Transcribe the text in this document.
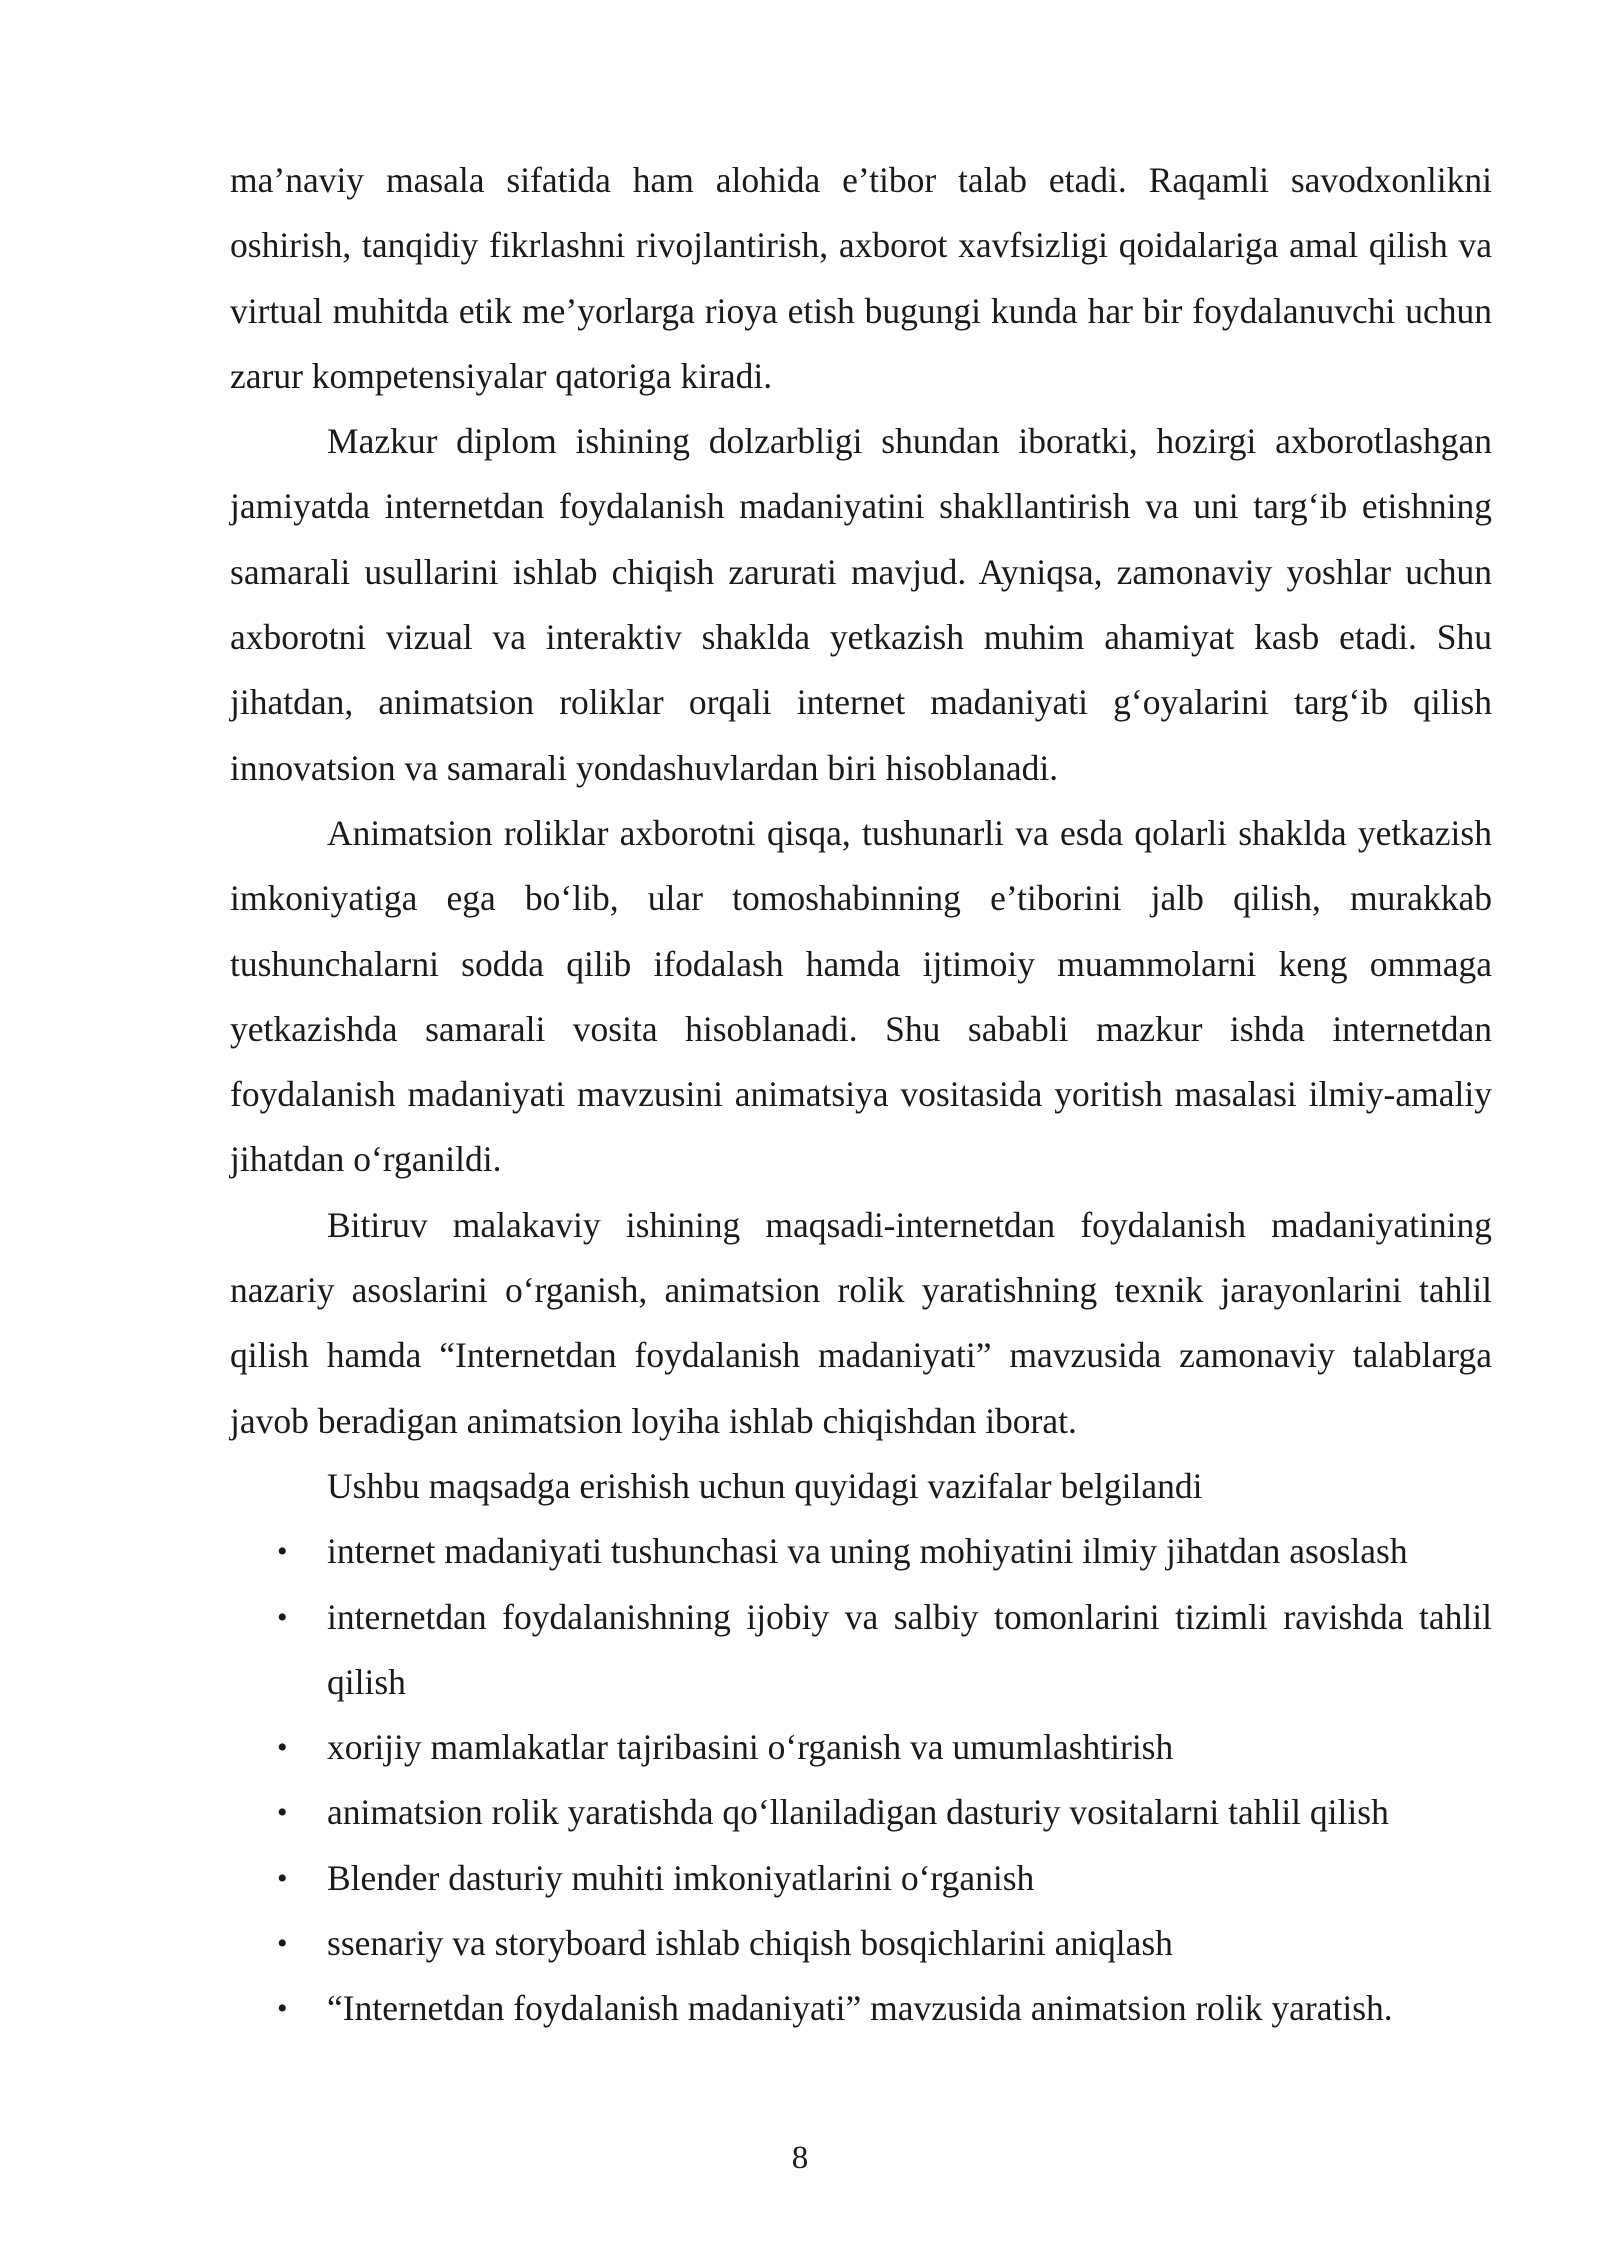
ma’naviy masala sifatida ham alohida e’tibor talab etadi. Raqamli savodxonlikni oshirish, tanqidiy fikrlashni rivojlantirish, axborot xavfsizligi qoidalariga amal qilish va virtual muhitda etik me’yorlarga rioya etish bugungi kunda har bir foydalanuvchi uchun zarur kompetensiyalar qatoriga kiradi.

Mazkur diplom ishining dolzarbligi shundan iboratki, hozirgi axborotlashgan jamiyatda internetdan foydalanish madaniyatini shakllantirish va uni targ‘ib etishning samarali usullarini ishlab chiqish zarurati mavjud. Ayniqsa, zamonaviy yoshlar uchun axborotni vizual va interaktiv shaklda yetkazish muhim ahamiyat kasb etadi. Shu jihatdan, animatsion roliklar orqali internet madaniyati g‘oyalarini targ‘ib qilish innovatsion va samarali yondashuvlardan biri hisoblanadi.

Animatsion roliklar axborotni qisqa, tushunarli va esda qolarli shaklda yetkazish imkoniyatiga ega bo‘lib, ular tomoshabinning e’tiborini jalb qilish, murakkab tushunchalarni sodda qilib ifodalash hamda ijtimoiy muammolarni keng ommaga yetkazishda samarali vosita hisoblanadi. Shu sababli mazkur ishda internetdan foydalanish madaniyati mavzusini animatsiya vositasida yoritish masalasi ilmiy-amaliy jihatdan o‘rganildi.

Bitiruv malakaviy ishining maqsadi-internetdan foydalanish madaniyatining nazariy asoslarini o‘rganish, animatsion rolik yaratishning texnik jarayonlarini tahlil qilish hamda “Internetdan foydalanish madaniyati” mavzusida zamonaviy talablarga javob beradigan animatsion loyiha ishlab chiqishdan iborat.

Ushbu maqsadga erishish uchun quyidagi vazifalar belgilandi

• internet madaniyati tushunchasi va uning mohiyatini ilmiy jihatdan asoslash
• internetdan foydalanishning ijobiy va salbiy tomonlarini tizimli ravishda tahlil qilish
• xorijiy mamlakatlar tajribasini o‘rganish va umumlashtirish
• animatsion rolik yaratishda qo‘llaniladigan dasturiy vositalarni tahlil qilish
• Blender dasturiy muhiti imkoniyatlarini o‘rganish
• ssenariy va storyboard ishlab chiqish bosqichlarini aniqlash
• “Internetdan foydalanish madaniyati” mavzusida animatsion rolik yaratish.
8
